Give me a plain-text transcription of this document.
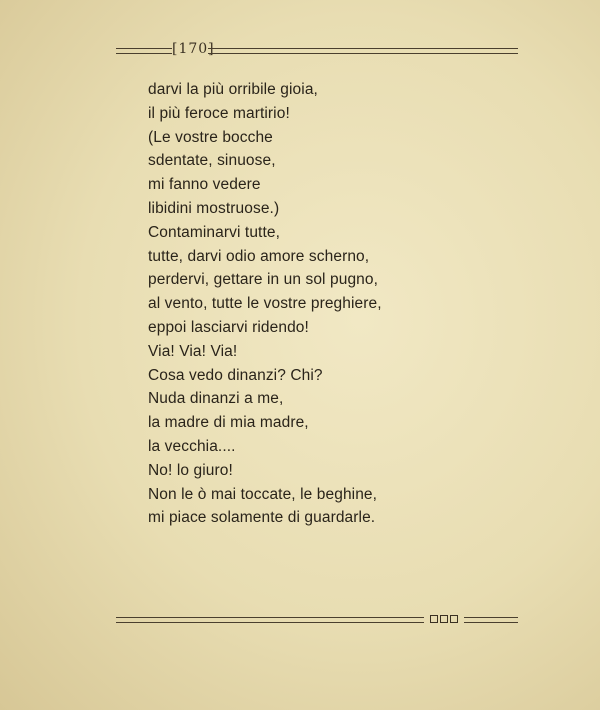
[170]
darvi la più orribile gioia,
il più feroce martirio!
(Le vostre bocche
sdentate, sinuose,
mi fanno vedere
libidini mostruose.)
Contaminarvi tutte,
tutte, darvi odio amore scherno,
perdervi, gettare in un sol pugno,
al vento, tutte le vostre preghiere,
eppoi lasciarvi ridendo!
Via! Via! Via!
Cosa vedo dinanzi? Chi?
Nuda dinanzi a me,
la madre di mia madre,
la vecchia....
No! lo giuro!
Non le ò mai toccate, le beghine,
mi piace solamente di guardarle.
